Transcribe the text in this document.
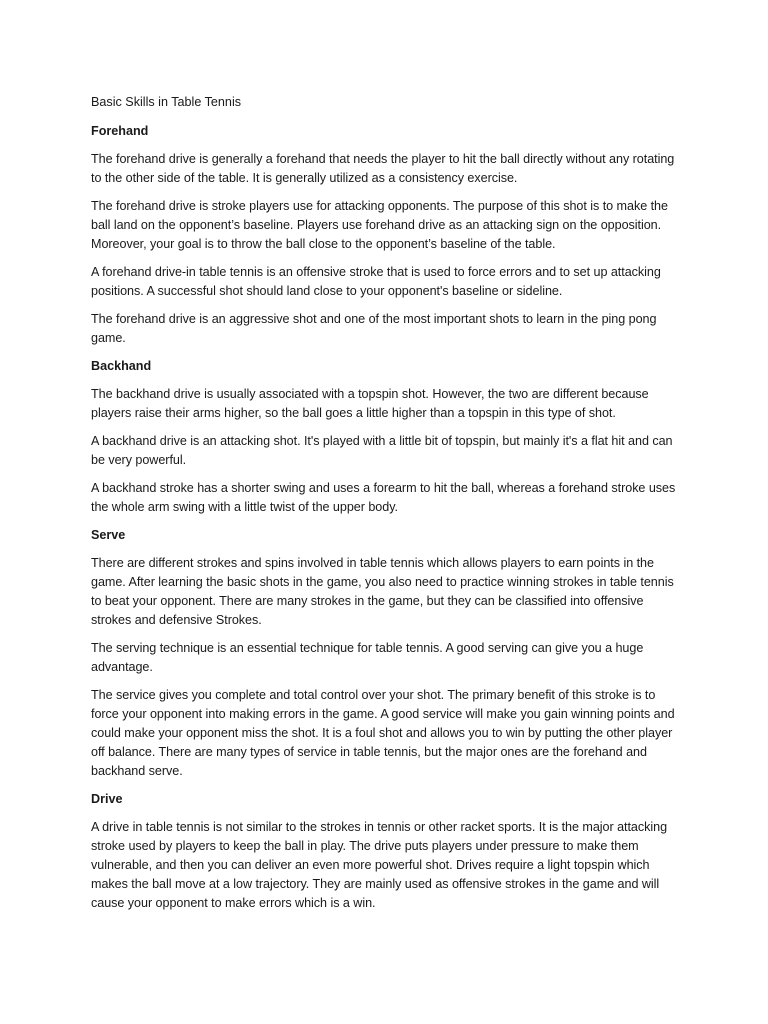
Basic Skills in Table Tennis
Forehand

The forehand drive is generally a forehand that needs the player to hit the ball directly without any rotating to the other side of the table. It is generally utilized as a consistency exercise.

The forehand drive is stroke players use for attacking opponents. The purpose of this shot is to make the ball land on the opponent’s baseline. Players use forehand drive as an attacking sign on the opposition. Moreover, your goal is to throw the ball close to the opponent’s baseline of the table.

A forehand drive-in table tennis is an offensive stroke that is used to force errors and to set up attacking positions. A successful shot should land close to your opponent's baseline or sideline.

The forehand drive is an aggressive shot and one of the most important shots to learn in the ping pong game.

Backhand

The backhand drive is usually associated with a topspin shot. However, the two are different because players raise their arms higher, so the ball goes a little higher than a topspin in this type of shot.

A backhand drive is an attacking shot. It's played with a little bit of topspin, but mainly it's a flat hit and can be very powerful.

A backhand stroke has a shorter swing and uses a forearm to hit the ball, whereas a forehand stroke uses the whole arm swing with a little twist of the upper body.

Serve

There are different strokes and spins involved in table tennis which allows players to earn points in the game. After learning the basic shots in the game, you also need to practice winning strokes in table tennis to beat your opponent. There are many strokes in the game, but they can be classified into offensive strokes and defensive Strokes.

The serving technique is an essential technique for table tennis. A good serving can give you a huge advantage.

The service gives you complete and total control over your shot. The primary benefit of this stroke is to force your opponent into making errors in the game. A good service will make you gain winning points and could make your opponent miss the shot. It is a foul shot and allows you to win by putting the other player off balance. There are many types of service in table tennis, but the major ones are the forehand and backhand serve.

Drive

A drive in table tennis is not similar to the strokes in tennis or other racket sports. It is the major attacking stroke used by players to keep the ball in play. The drive puts players under pressure to make them vulnerable, and then you can deliver an even more powerful shot. Drives require a light topspin which makes the ball move at a low trajectory. They are mainly used as offensive strokes in the game and will cause your opponent to make errors which is a win.
